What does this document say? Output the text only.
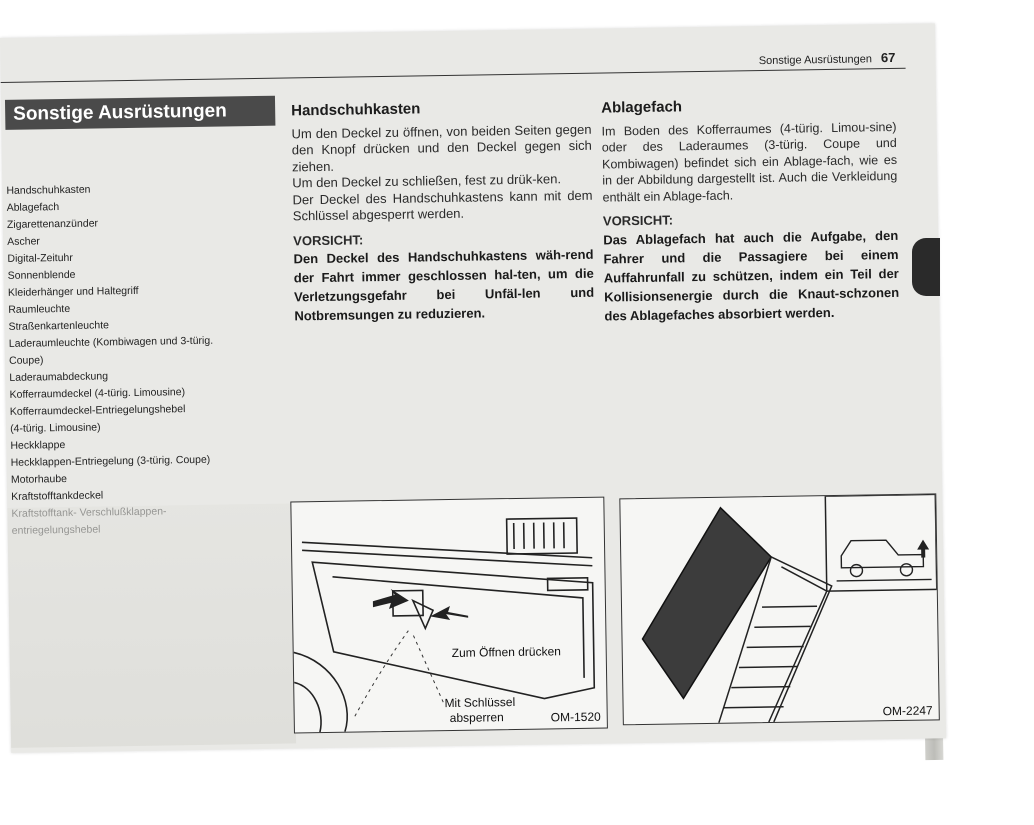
Sonstige Ausrüstungen 67
Sonstige Ausrüstungen
Handschuhkasten
Ablagefach
Zigarettenanzünder
Ascher
Digital-Zeituhr
Sonnenblende
Kleiderhänger und Haltegriff
Raumleuchte
Straßenkartenleuchte
Laderaumleuchte (Kombiwagen und 3-türig.
Coupe)
Laderaumabdeckung
Kofferraumdeckel (4-türig. Limousine)
Kofferraumdeckel-Entriegelungshebel
(4-türig. Limousine)
Heckklappe
Heckklappen-Entriegelung (3-türig. Coupe)
Motorhaube
Kraftstofftankdeckel
Handschuhkasten

Um den Deckel zu öffnen, von beiden Seiten gegen den Knopf drücken und den Deckel gegen sich ziehen.

Um den Deckel zu schließen, fest zu drük-ken.

Der Deckel des Handschuhkastens kann mit dem Schlüssel abgesperrt werden.

VORSICHT:

Den Deckel des Handschuhkastens wäh-rend der Fahrt immer geschlossen hal-ten, um die Verletzungsgefahr bei Unfäl-len und Notbremsungen zu reduzieren.

Ablagefach

Im Boden des Kofferraumes (4-türig. Limou-sine) oder des Laderaumes (3-türig. Coupe und Kombiwagen) befindet sich ein Ablage-fach, wie es in der Abbildung dargestellt ist. Auch die Verkleidung enthält ein Ablage-fach.

VORSICHT:

Das Ablagefach hat auch die Aufgabe, den Fahrer und die Passagiere bei einem Auffahrunfall zu schützen, indem ein Teil der Kollisionsenergie durch die Knaut-schzonen des Ablagefaches absorbiert werden.

Zum Öffnen drücken
Mit Schlüssel
absperren	OM-1520	OM-2247
